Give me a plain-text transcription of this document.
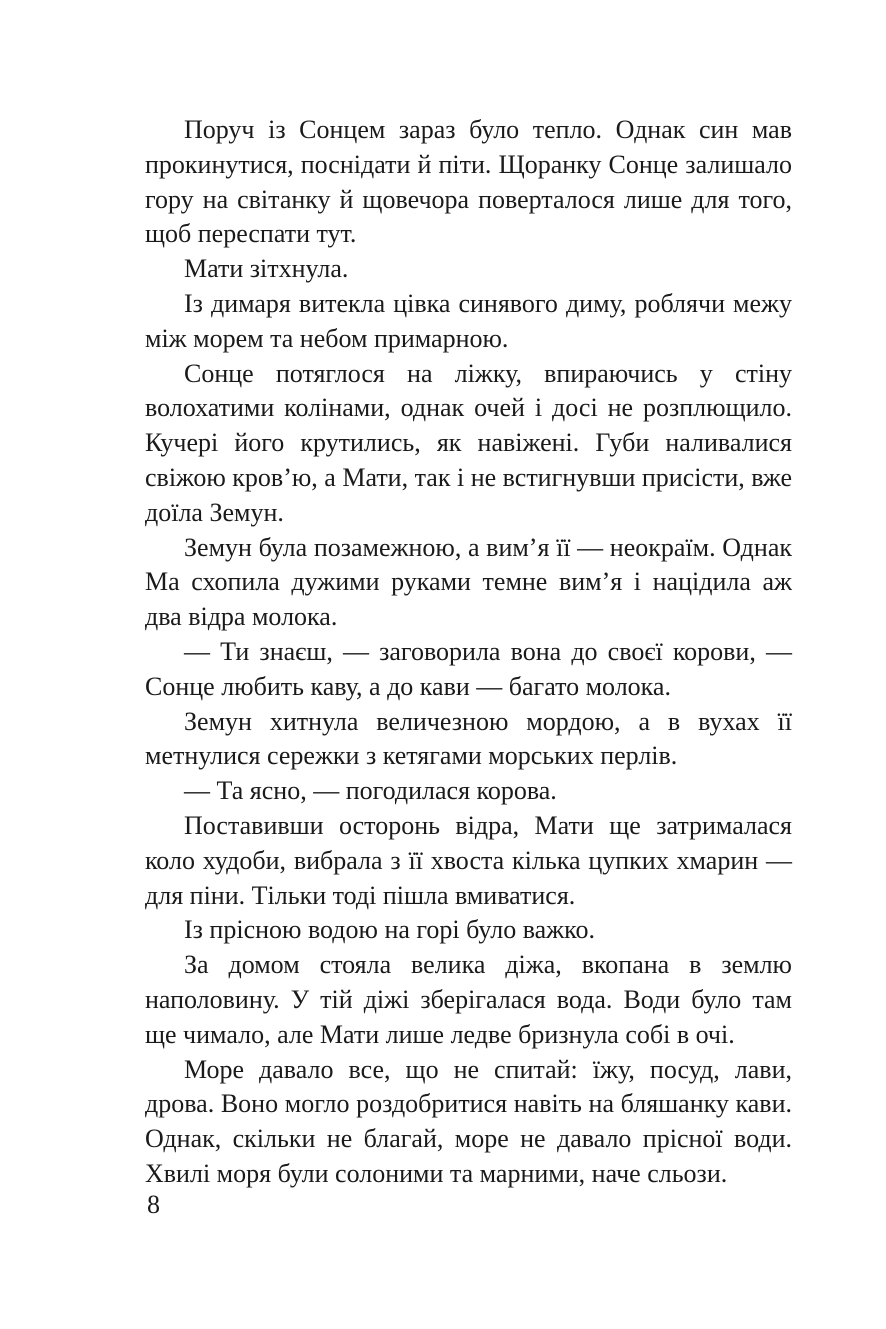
Поруч із Сонцем зараз було тепло. Однак син мав прокинутися, поснідати й піти. Щоранку Сонце залишало гору на світанку й щовечора поверталося лише для того, щоб переспати тут.

Мати зітхнула.

Із димаря витекла цівка синявого диму, роблячи межу між морем та небом примарною.

Сонце потяглося на ліжку, впираючись у стіну волохатими колінами, однак очей і досі не розплющило. Кучері його крутились, як навіжені. Губи наливалися свіжою кров’ю, а Мати, так і не встигнувши присісти, вже доїла Земун.

Земун була позамежною, а вим’я її — неокраїм. Однак Ма схопила дужими руками темне вим’я і націдила аж два відра молока.

— Ти знаєш, — заговорила вона до своєї корови, — Сонце любить каву, а до кави — багато молока.

Земун хитнула величезною мордою, а в вухах її метнулися сережки з кетягами морських перлів.

— Та ясно, — погодилася корова.

Поставивши осторонь відра, Мати ще затрималася коло худоби, вибрала з її хвоста кілька цупких хмарин — для піни. Тільки тоді пішла вмиватися.

Із прісною водою на горі було важко.

За домом стояла велика діжа, вкопана в землю наполовину. У тій діжі зберігалася вода. Води було там ще чимало, але Мати лише ледве бризнула собі в очі.

Море давало все, що не спитай: їжу, посуд, лави, дрова. Воно могло роздобритися навіть на бляшанку кави. Однак, скільки не благай, море не давало прісної води. Хвилі моря були солоними та марними, наче сльози.

8
